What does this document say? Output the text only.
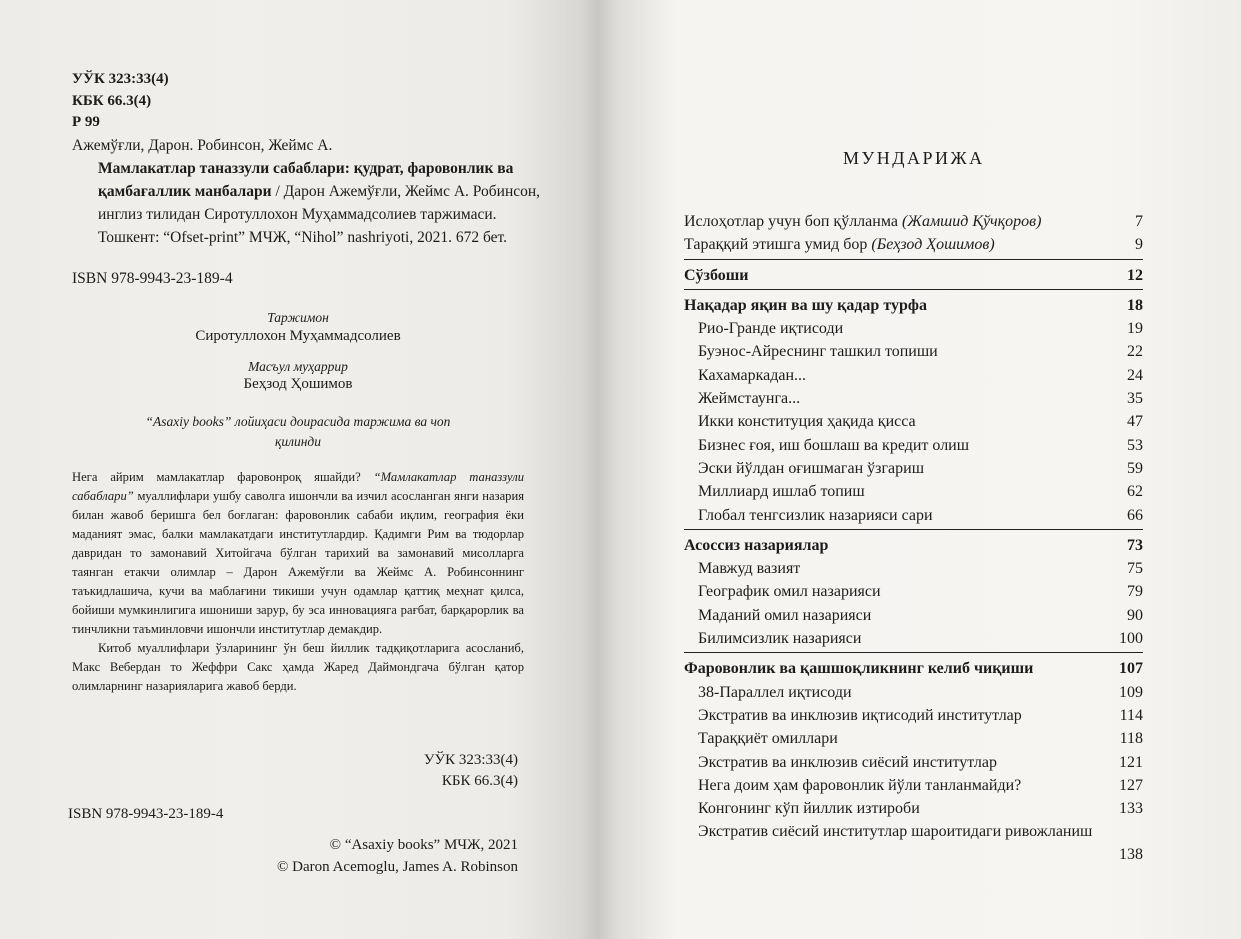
УЎК 323:33(4)
КБК 66.3(4)
Р 99
Ажемўғли, Дарон. Робинсон, Жеймс А.
Мамлакатлар таназзули сабаблари: қудрат, фаровонлик ва қамбағаллик манбалари / Дарон Ажемўғли, Жеймс А. Робинсон, инглиз тилидан Сиротуллохон Муҳаммадсолиев таржимаси. Тошкент: “Ofset-print” МЧЖ, “Nihol” nashriyoti, 2021. 672 бет.
ISBN 978-9943-23-189-4
Таржимон
Сиротуллохон Муҳаммадсолиев
Масъул муҳаррир
Беҳзод Ҳошимов
“Asaxiy books” лойиҳаси доирасида таржима ва чоп
қилинди

Нега айрим мамлакатлар фаровонроқ яшайди? “Мамлакатлар таназзули сабаблари” муаллифлари ушбу саволга ишончли ва изчил асосланган янги назария билан жавоб беришга бел боғлаган: фаровонлик сабаби иқлим, география ёки маданият эмас, балки мамлакатдаги институтлардир. Қадимги Рим ва тюдорлар давридан то замонавий Хитойгача бўлган тарихий ва замонавий мисолларга таянган етакчи олимлар – Дарон Ажемўғли ва Жеймс А. Робинсоннинг таъкидлашича, кучи ва маблағини тикиши учун одамлар қаттиқ меҳнат қилса, бойиши мумкинлигига ишониши зарур, бу эса инновацияга рағбат, барқарорлик ва тинчликни таъминловчи ишончли институтлар демакдир.

Китоб муаллифлари ўзларининг ўн беш йиллик тадқиқотларига асосланиб, Макс Вебердан то Жеффри Сакс ҳамда Жаред Даймондгача бўлган қатор олимларнинг назарияларига жавоб берди.

УЎК 323:33(4)
КБК 66.3(4)
ISBN 978-9943-23-189-4
© “Asaxiy books” МЧЖ, 2021
© Daron Acemoglu, James A. Robinson
МУНДАРИЖА
Ислоҳотлар учун боп қўлланма (Жамшид Қўчқоров)	7
Тараққий этишга умид бор (Беҳзод Ҳошимов)	9
Сўзбоши	12
Нақадар яқин ва шу қадар турфа	18
Рио-Гранде иқтисоди	19
Буэнос-Айреснинг ташкил топиши	22
Кахамаркадан...	24
Жеймстаунга...	35
Икки конституция ҳақида қисса	47
Бизнес ғоя, иш бошлаш ва кредит олиш	53
Эски йўлдан оғишмаган ўзгариш	59
Миллиард ишлаб топиш	62
Глобал тенгсизлик назарияси сари	66
Асоссиз назариялар	73
Мавжуд вазият	75
Географик омил назарияси	79
Маданий омил назарияси	90
Билимсизлик назарияси	100
Фаровонлик ва қашшоқликнинг келиб чиқиши	107
38-Параллел иқтисоди	109
Экстратив ва инклюзив иқтисодий институтлар	114
Тараққиёт омиллари	118
Экстратив ва инклюзив сиёсий институтлар	121
Нега доим ҳам фаровонлик йўли танланмайди?	127
Конгонинг кўп йиллик изтироби	133
Экстратив сиёсий институтлар шароитидаги ривожланиш
138
